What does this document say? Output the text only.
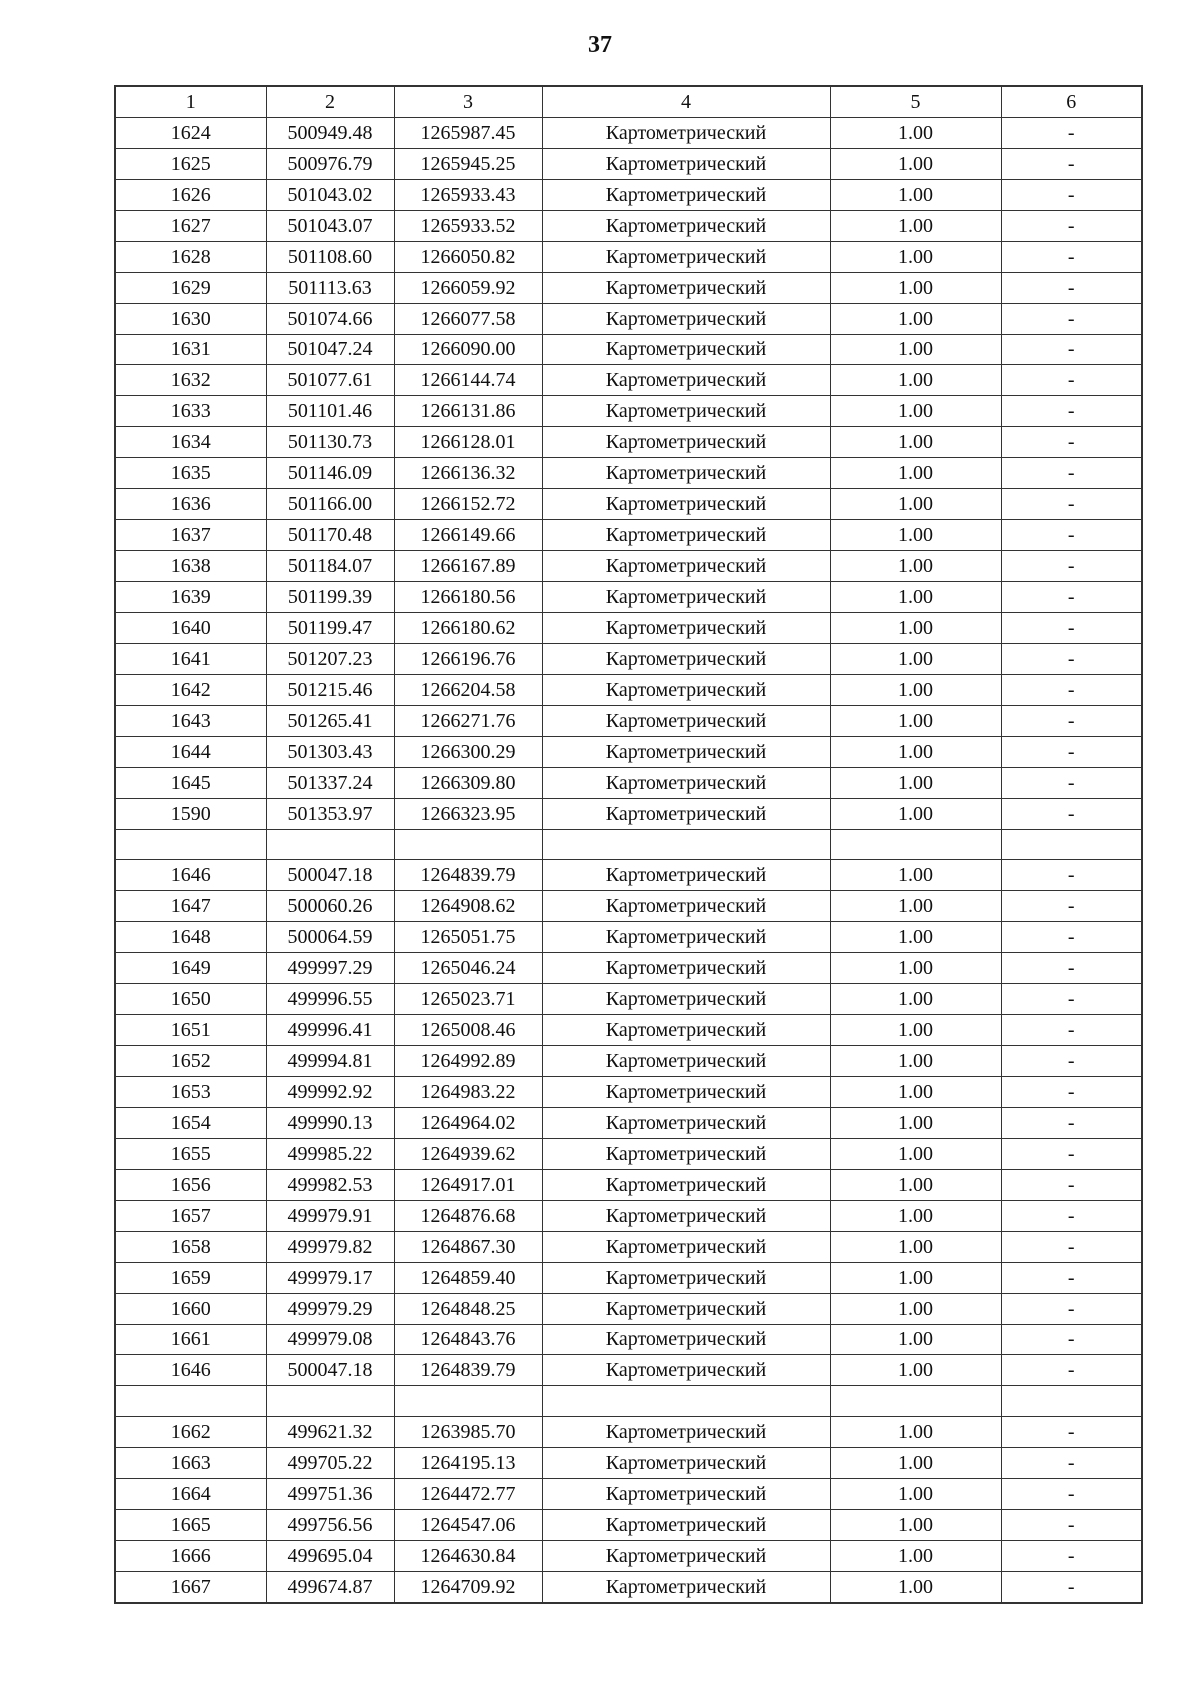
37
1	2	3	4	5	6
1624	500949.48	1265987.45	Картометрический	1.00	-
1625	500976.79	1265945.25	Картометрический	1.00	-
1626	501043.02	1265933.43	Картометрический	1.00	-
1627	501043.07	1265933.52	Картометрический	1.00	-
1628	501108.60	1266050.82	Картометрический	1.00	-
1629	501113.63	1266059.92	Картометрический	1.00	-
1630	501074.66	1266077.58	Картометрический	1.00	-
1631	501047.24	1266090.00	Картометрический	1.00	-
1632	501077.61	1266144.74	Картометрический	1.00	-
1633	501101.46	1266131.86	Картометрический	1.00	-
1634	501130.73	1266128.01	Картометрический	1.00	-
1635	501146.09	1266136.32	Картометрический	1.00	-
1636	501166.00	1266152.72	Картометрический	1.00	-
1637	501170.48	1266149.66	Картометрический	1.00	-
1638	501184.07	1266167.89	Картометрический	1.00	-
1639	501199.39	1266180.56	Картометрический	1.00	-
1640	501199.47	1266180.62	Картометрический	1.00	-
1641	501207.23	1266196.76	Картометрический	1.00	-
1642	501215.46	1266204.58	Картометрический	1.00	-
1643	501265.41	1266271.76	Картометрический	1.00	-
1644	501303.43	1266300.29	Картометрический	1.00	-
1645	501337.24	1266309.80	Картометрический	1.00	-
1590	501353.97	1266323.95	Картометрический	1.00	-

1646	500047.18	1264839.79	Картометрический	1.00	-
1647	500060.26	1264908.62	Картометрический	1.00	-
1648	500064.59	1265051.75	Картометрический	1.00	-
1649	499997.29	1265046.24	Картометрический	1.00	-
1650	499996.55	1265023.71	Картометрический	1.00	-
1651	499996.41	1265008.46	Картометрический	1.00	-
1652	499994.81	1264992.89	Картометрический	1.00	-
1653	499992.92	1264983.22	Картометрический	1.00	-
1654	499990.13	1264964.02	Картометрический	1.00	-
1655	499985.22	1264939.62	Картометрический	1.00	-
1656	499982.53	1264917.01	Картометрический	1.00	-
1657	499979.91	1264876.68	Картометрический	1.00	-
1658	499979.82	1264867.30	Картометрический	1.00	-
1659	499979.17	1264859.40	Картометрический	1.00	-
1660	499979.29	1264848.25	Картометрический	1.00	-
1661	499979.08	1264843.76	Картометрический	1.00	-
1646	500047.18	1264839.79	Картометрический	1.00	-

1662	499621.32	1263985.70	Картометрический	1.00	-
1663	499705.22	1264195.13	Картометрический	1.00	-
1664	499751.36	1264472.77	Картометрический	1.00	-
1665	499756.56	1264547.06	Картометрический	1.00	-
1666	499695.04	1264630.84	Картометрический	1.00	-
1667	499674.87	1264709.92	Картометрический	1.00	-
